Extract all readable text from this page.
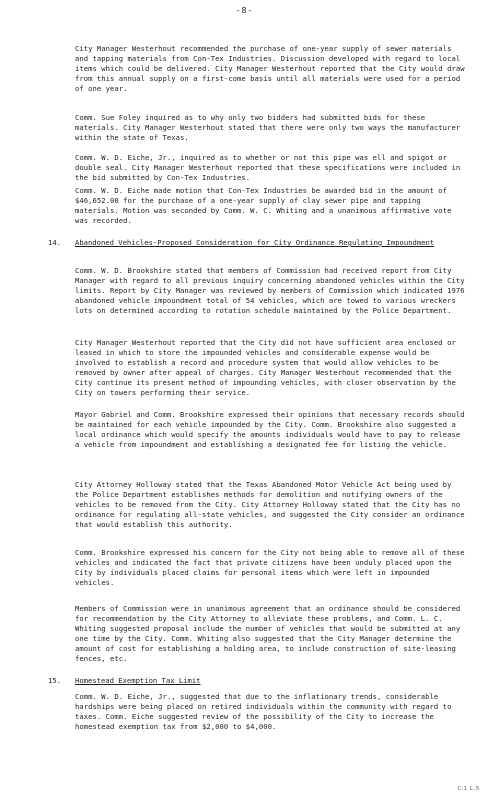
-8-
City Manager Westerhout recommended the purchase of one-year supply of sewer materials and tapping materials from Con-Tex Industries. Discussion developed with regard to local items which could be delivered. City Manager Westerhout reported that the City would draw from this annual supply on a first-come basis until all materials were used for a period of one year.
Comm. Sue Foley inquired as to why only two bidders had submitted bids for these materials. City Manager Westerhout stated that there were only two ways the manufacturer within the state of Texas.
Comm. W. D. Eiche, Jr., inquired as to whether or not this pipe was ell and spigot or double seal. City Manager Westerhout reported that these specifications were included in the bid submitted by Con-Tex Industries.
Comm. W. D. Eiche made motion that Con-Tex Industries be awarded bid in the amount of $46,652.00 for the purchase of a one-year supply of clay sewer pipe and tapping materials. Motion was seconded by Comm. W. C. Whiting and a unanimous affirmative vote was recorded.
14. Abandoned Vehicles-Proposed Consideration for City Ordinance Regulating Impoundment
Comm. W. D. Brookshire stated that members of Commission had received report from City Manager with regard to all previous inquiry concerning abandoned vehicles within the City limits. Report by City Manager was reviewed by members of Commission which indicated 1976 abandoned vehicle impoundment total of 54 vehicles, which are towed to various wreckers lots on determined according to rotation schedule maintained by the Police Department.
City Manager Westerhout reported that the City did not have sufficient area enclosed or leased in which to store the impounded vehicles and considerable expense would be involved to establish a record and procedure system that would allow vehicles to be removed by owner after appeal of charges. City Manager Westerhout recommended that the City continue its present method of impounding vehicles, with closer observation by the City on towers performing their service.
Mayor Gabriel and Comm. Brookshire expressed their opinions that necessary records should be maintained for each vehicle impounded by the City. Comm. Brookshire also suggested a local ordinance which would specify the amounts individuals would have to pay to release a vehicle from impoundment and establishing a designated fee for listing the vehicle.
City Attorney Holloway stated that the Texas Abandoned Motor Vehicle Act being used by the Police Department establishes methods for demolition and notifying owners of the vehicles to be removed from the City. City Attorney Holloway stated that the City has no ordinance for regulating all-state vehicles, and suggested the City consider an ordinance that would establish this authority.
Comm. Brookshire expressed his concern for the City not being able to remove all of these vehicles and indicated the fact that private citizens have been unduly placed upon the City by individuals placed claims for personal items which were left in impounded vehicles.
Members of Commission were in unanimous agreement that an ordinance should be considered for recommendation by the City Attorney to alleviate these problems, and Comm. L. C. Whiting suggested proposal include the number of vehicles that would be submitted at any one time by the City. Comm. Whiting also suggested that the City Manager determine the amount of cost for establishing a holding area, to include construction of site-leasing fences, etc.
15. Homestead Exemption Tax Limit
Comm. W. D. Eiche, Jr., suggested that due to the inflationary trends, considerable hardships were being placed on retired individuals within the community with regard to taxes. Comm. Eiche suggested review of the possibility of the City to increase the homestead exemption tax from $2,000 to $4,000.
C.1 L.5
